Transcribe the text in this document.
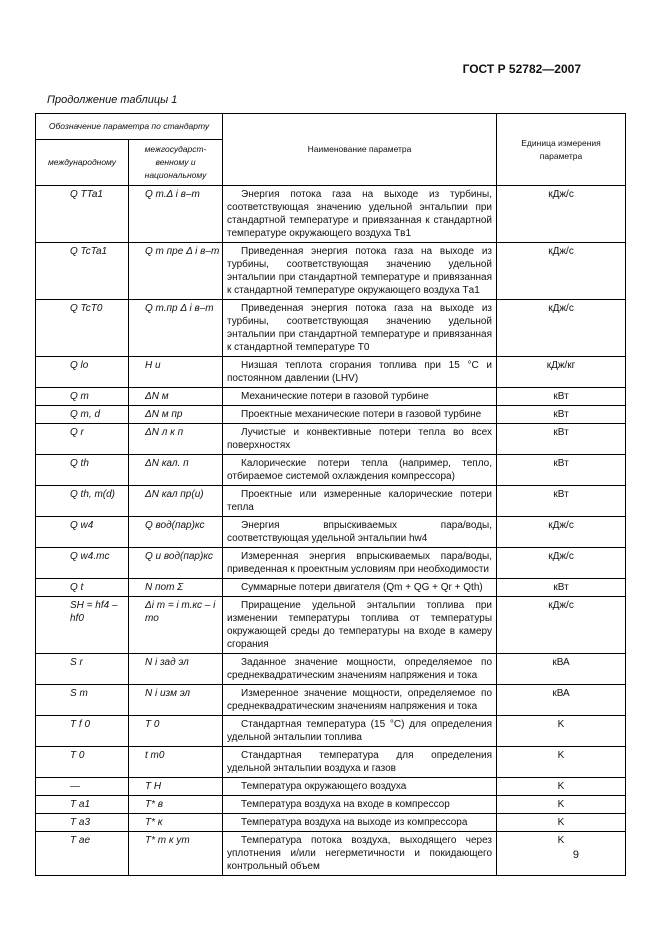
ГОСТ Р 52782—2007
Продолжение таблицы 1
Обозначение параметра по стандарту		Наименование параметра	Единица измерения параметра
международному	межгосударст-венному и национальному		
Q TTa1	Q т.Δ i в–т	Энергия потока газа на выходе из турбины, соответствующая значению удельной энтальпии при стандартной температуре и привязанная к стандартной температуре окружающего воздуха Tв1	кДж/с
Q TcTa1	Q т пре Δ i в–т	Приведенная энергия потока газа на выходе из турбины, соответствующая значению удельной энтальпии при стандартной температуре и привязанная к стандартной температуре окружающего воздуха Tа1	кДж/с
Q TcT0	Q т.пр Δ i в–т	Приведенная энергия потока газа на выходе из турбины, соответствующая значению удельной энтальпии при стандартной температуре и привязанная к стандартной температуре T0	кДж/с
Q lo	H u	Низшая теплота сгорания топлива при 15 °С и постоянном давлении (LHV)	кДж/кг
Q m	ΔN м	Механические потери в газовой турбине	кВт
Q m, d	ΔN м пр	Проектные механические потери в газовой турбине	кВт
Q r	ΔN л к п	Лучистые и конвективные потери тепла во всех поверхностях	кВт
Q th	ΔN кал. п	Калорические потери тепла (например, тепло, отбираемое системой охлаждения компрессора)	кВт
Q th, m(d)	ΔN кал пр(и)	Проектные или измеренные калорические потери тепла	кВт
Q w4	Q вод(пар)кс	Энергия впрыскиваемых пара/воды, соответствующая удельной энтальпии hw4	кДж/с
Q w4.mc	Q и вод(пар)кс	Измеренная энергия впрыскиваемых пара/воды, приведенная к проектным условиям при необходимости	кДж/с
Q t	N пот Σ	Суммарные потери двигателя (Qm + QG + Qr + Qth)	кВт
SH = hf4 – hf0	Δi m = i т.кс – i то	Приращение удельной энтальпии топлива при изменении температуры топлива от температуры окружающей среды до температуры на входе в камеру сгорания	кДж/с
S r	N i зад эл	Заданное значение мощности, определяемое по среднеквадратическим значениям напряжения и тока	кВА
S m	N i изм эл	Измеренное значение мощности, определяемое по среднеквадратическим значениям напряжения и тока	кВА
T f 0	T 0	Стандартная температура (15 °С) для определения удельной энтальпии топлива	K
T 0	t т0	Стандартная температура для определения удельной энтальпии воздуха и газов	K
—	T H	Температура окружающего воздуха	K
T a1	T* в	Температура воздуха на входе в компрессор	K
T a3	T* к	Температура воздуха на выходе из компрессора	K
T ae	T* т к ут	Температура потока воздуха, выходящего через уплотнения и/или негерметичности и покидающего контрольный объем	K
9
